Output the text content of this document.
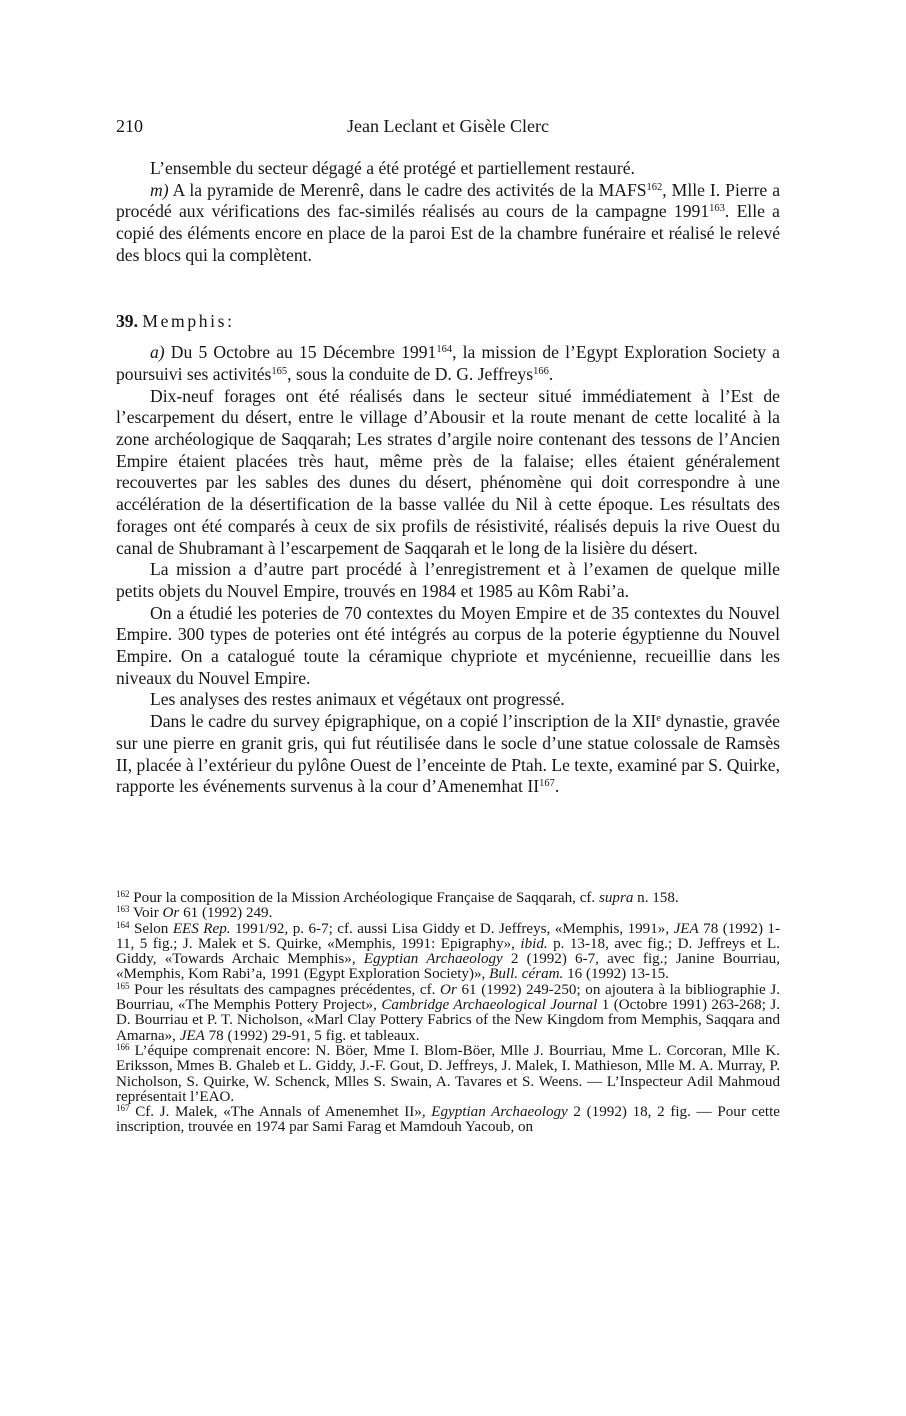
210	Jean Leclant et Gisèle Clerc

L’ensemble du secteur dégagé a été protégé et partiellement restauré.

m) A la pyramide de Merenrê, dans le cadre des activités de la MAFS$^{162}$, Mlle I. Pierre a procédé aux vérifications des fac-similés réalisés au cours de la campagne 1991$^{163}$. Elle a copié des éléments encore en place de la paroi Est de la chambre funéraire et réalisé le relevé des blocs qui la complètent.

39. Memphis:

a) Du 5 Octobre au 15 Décembre 1991$^{164}$, la mission de l’Egypt Exploration Society a poursuivi ses activités$^{165}$, sous la conduite de D. G. Jeffreys$^{166}$.

Dix-neuf forages ont été réalisés dans le secteur situé immédiatement à l’Est de l’escarpement du désert, entre le village d’Abousir et la route menant de cette localité à la zone archéologique de Saqqarah; Les strates d’argile noire contenant des tessons de l’Ancien Empire étaient placées très haut, même près de la falaise; elles étaient généralement recouvertes par les sables des dunes du désert, phénomène qui doit correspondre à une accélération de la désertification de la basse vallée du Nil à cette époque. Les résultats des forages ont été comparés à ceux de six profils de résistivité, réalisés depuis la rive Ouest du canal de Shubramant à l’escarpement de Saqqarah et le long de la lisière du désert.

La mission a d’autre part procédé à l’enregistrement et à l’examen de quelque mille petits objets du Nouvel Empire, trouvés en 1984 et 1985 au Kôm Rabi’a.

On a étudié les poteries de 70 contextes du Moyen Empire et de 35 contextes du Nouvel Empire. 300 types de poteries ont été intégrés au corpus de la poterie égyptienne du Nouvel Empire. On a catalogué toute la céramique chypriote et mycénienne, recueillie dans les niveaux du Nouvel Empire.

Les analyses des restes animaux et végétaux ont progressé.

Dans le cadre du survey épigraphique, on a copié l’inscription de la XIIe dynastie, gravée sur une pierre en granit gris, qui fut réutilisée dans le socle d’une statue colossale de Ramsès II, placée à l’extérieur du pylône Ouest de l’enceinte de Ptah. Le texte, examiné par S. Quirke, rapporte les événements survenus à la cour d’Amenemhat II$^{167}$.

$^{162}$ Pour la composition de la Mission Archéologique Française de Saqqarah, cf. supra n. 158.

$^{163}$ Voir Or 61 (1992) 249.

$^{164}$ Selon EES Rep. 1991/92, p. 6-7; cf. aussi Lisa Giddy et D. Jeffreys, «Memphis, 1991», JEA 78 (1992) 1-11, 5 fig.; J. Malek et S. Quirke, «Memphis, 1991: Epigraphy», ibid. p. 13-18, avec fig.; D. Jeffreys et L. Giddy, «Towards Archaic Memphis», Egyptian Archaeology 2 (1992) 6-7, avec fig.; Janine Bourriau, «Memphis, Kom Rabi’a, 1991 (Egypt Exploration Society)», Bull. céram. 16 (1992) 13-15.

$^{165}$ Pour les résultats des campagnes précédentes, cf. Or 61 (1992) 249-250; on ajoutera à la bibliographie J. Bourriau, «The Memphis Pottery Project», Cambridge Archaeological Journal 1 (Octobre 1991) 263-268; J. D. Bourriau et P. T. Nicholson, «Marl Clay Pottery Fabrics of the New Kingdom from Memphis, Saqqara and Amarna», JEA 78 (1992) 29-91, 5 fig. et tableaux.

$^{166}$ L’équipe comprenait encore: N. Böer, Mme I. Blom-Böer, Mlle J. Bourriau, Mme L. Corcoran, Mlle K. Eriksson, Mmes B. Ghaleb et L. Giddy, J.-F. Gout, D. Jeffreys, J. Malek, I. Mathieson, Mlle M. A. Murray, P. Nicholson, S. Quirke, W. Schenck, Mlles S. Swain, A. Tavares et S. Weens. — L’Inspecteur Adil Mahmoud représentait l’EAO.

$^{167}$ Cf. J. Malek, «The Annals of Amenemhet II», Egyptian Archaeology 2 (1992) 18, 2 fig. — Pour cette inscription, trouvée en 1974 par Sami Farag et Mamdouh Yacoub, on
